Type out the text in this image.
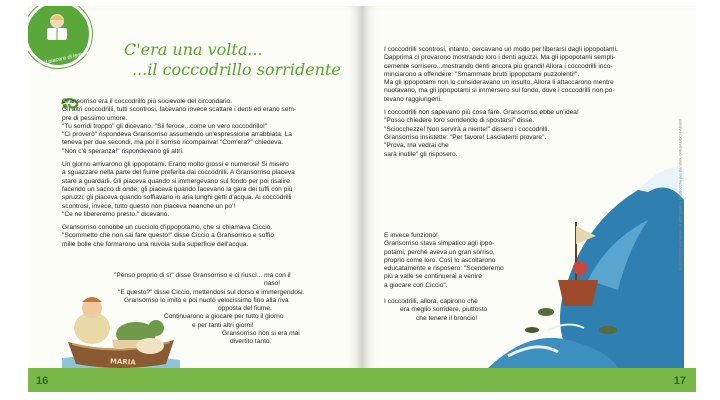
Per il piacere di leggere
C'era una volta...
...il coccodrillo sorridente

Gransorriso era il coccodrillo più socievole del circondario.
Gli altri coccodrilli, tutti scontrosi, facevano invece scattare i denti ed erano sem-
pre di pessimo umore.
"Tu sorridi troppo" gli dicevano. "Sii feroce...come un vero coccodrillo!"
"Ci proverò" rispondeva Gransorriso assumendo un'espressione arrabbiata. La
teneva per due secondi, ma poi il sorriso ricompariva! "Com'era?" chiedeva.
"Non c'è speranza!" rispondevano gli altri.

Un giorno arrivarono gli ippopotami. Erano molto grossi e numerosi! Si misero
a sguazzare nella parte del fiume preferita dai coccodrilli. A Gransorriso piaceva
stare a guardarli. Gli piaceva quando si immergevano sul fondo per poi risalire
facendo un sacco di onde; gli piaceva quando facevano la gara dei tuffi con più
spruzzi; gli piaceva quando soffiavano in aria lunghi getti d'acqua. Ai coccodrilli
scontrosi, invece, tutto questo non piaceva neanche un po'!
"Ce ne libereremo presto." dicevano.

Gransorriso conobbe un cucciolo d'ippopotamo, che si chiamava Ciccio.
"Scommetto che non sai fare questo!" disse Ciccio a Gransorriso e soffiò
mille bolle che formarono una nuvola sulla superficie dell'acqua.

"Penso proprio di sì" disse Gransorriso e ci riuscì... ma con il
naso!
"E questo?" disse Ciccio, mettendosi sul dorso e immergendosi.
Gransorriso lo imitò e poi nuotò velocissimo fino alla riva
opposta del fiume.
Continuarono a giocare per tutto il giorno
e per tanti altri giorni!
Gransorriso non si era mai
divertito tanto.
MARIA
16

I coccodrilli scontrosi, intanto, cercavano un modo per liberarsi dagli ippopotami.
Dapprima ci provarono mostrando loro i denti aguzzi. Ma gli ippopotami sempli-
cemente sorrisero...mostrando denti ancora più grandi! Allora i coccodrilli inco-
minciarono a offendere: "Smammate brutti ippopotami puzzolenti!".
Ma gli ippopotami non lo consideravano un insulto. Allora li attaccarono mentre
nuotavano, ma gli ippopotami si immersero sul fondo, dove i coccodrilli non po-
tevano raggiungerli.

I coccodrilli non sapevano più cosa fare. Gransorriso ebbe un'idea!
"Posso chiedere loro sorridendo di spostarsi" disse.
"Sciocchezze! Non servirà a niente!" dissero i coccodrilli.
Gransorriso insistette: "Per favore! Lasciatemi provare".
"Prova, ma vedrai che
sarà inutile" gli risposero.

E invece funzionò!
Gransorriso stava simpatico agli ippo-
potami, perché aveva un gran sorriso,
proprio come loro. Così lo ascoltarono
educatamente e risposero: "Scenderemo
più a valle se continuerai a venire
a giocare con Ciccio".
I coccodrilli, allora, capirono che
era meglio sorridere, piuttosto
che tenere il broncio!
Il coccodrillo sorridente, in 365 Storie e filastrocche per bambini, GRIBAUDO-FABBRI
17
